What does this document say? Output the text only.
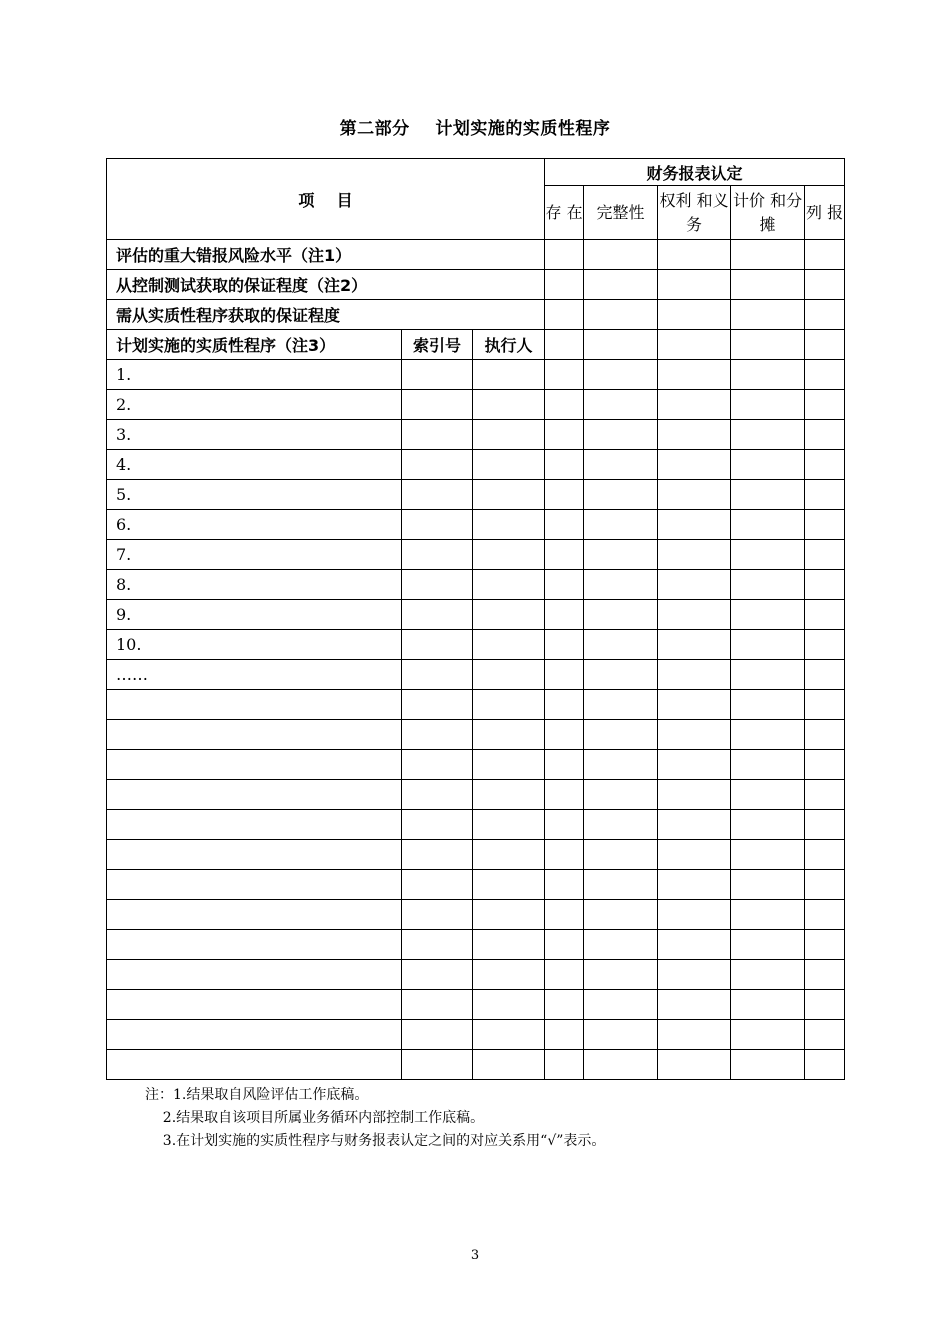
第二部分    计划实施的实质性程序
项    目			财务报表认定				
			存 在	完整性	权利 和义务	计价 和分摊	列 报
评估的重大错报风险水平（注1）							
从控制测试获取的保证程度（注2）							
需从实质性程序获取的保证程度							
计划实施的实质性程序（注3）	索引号	执行人					
1.							
2.							
3.							
4.							
5.							
6.							
7.							
8.							
9.							
10.							
……							

注：1.结果取自风险评估工作底稿。
2.结果取自该项目所属业务循环内部控制工作底稿。
3.在计划实施的实质性程序与财务报表认定之间的对应关系用“√”表示。
3
